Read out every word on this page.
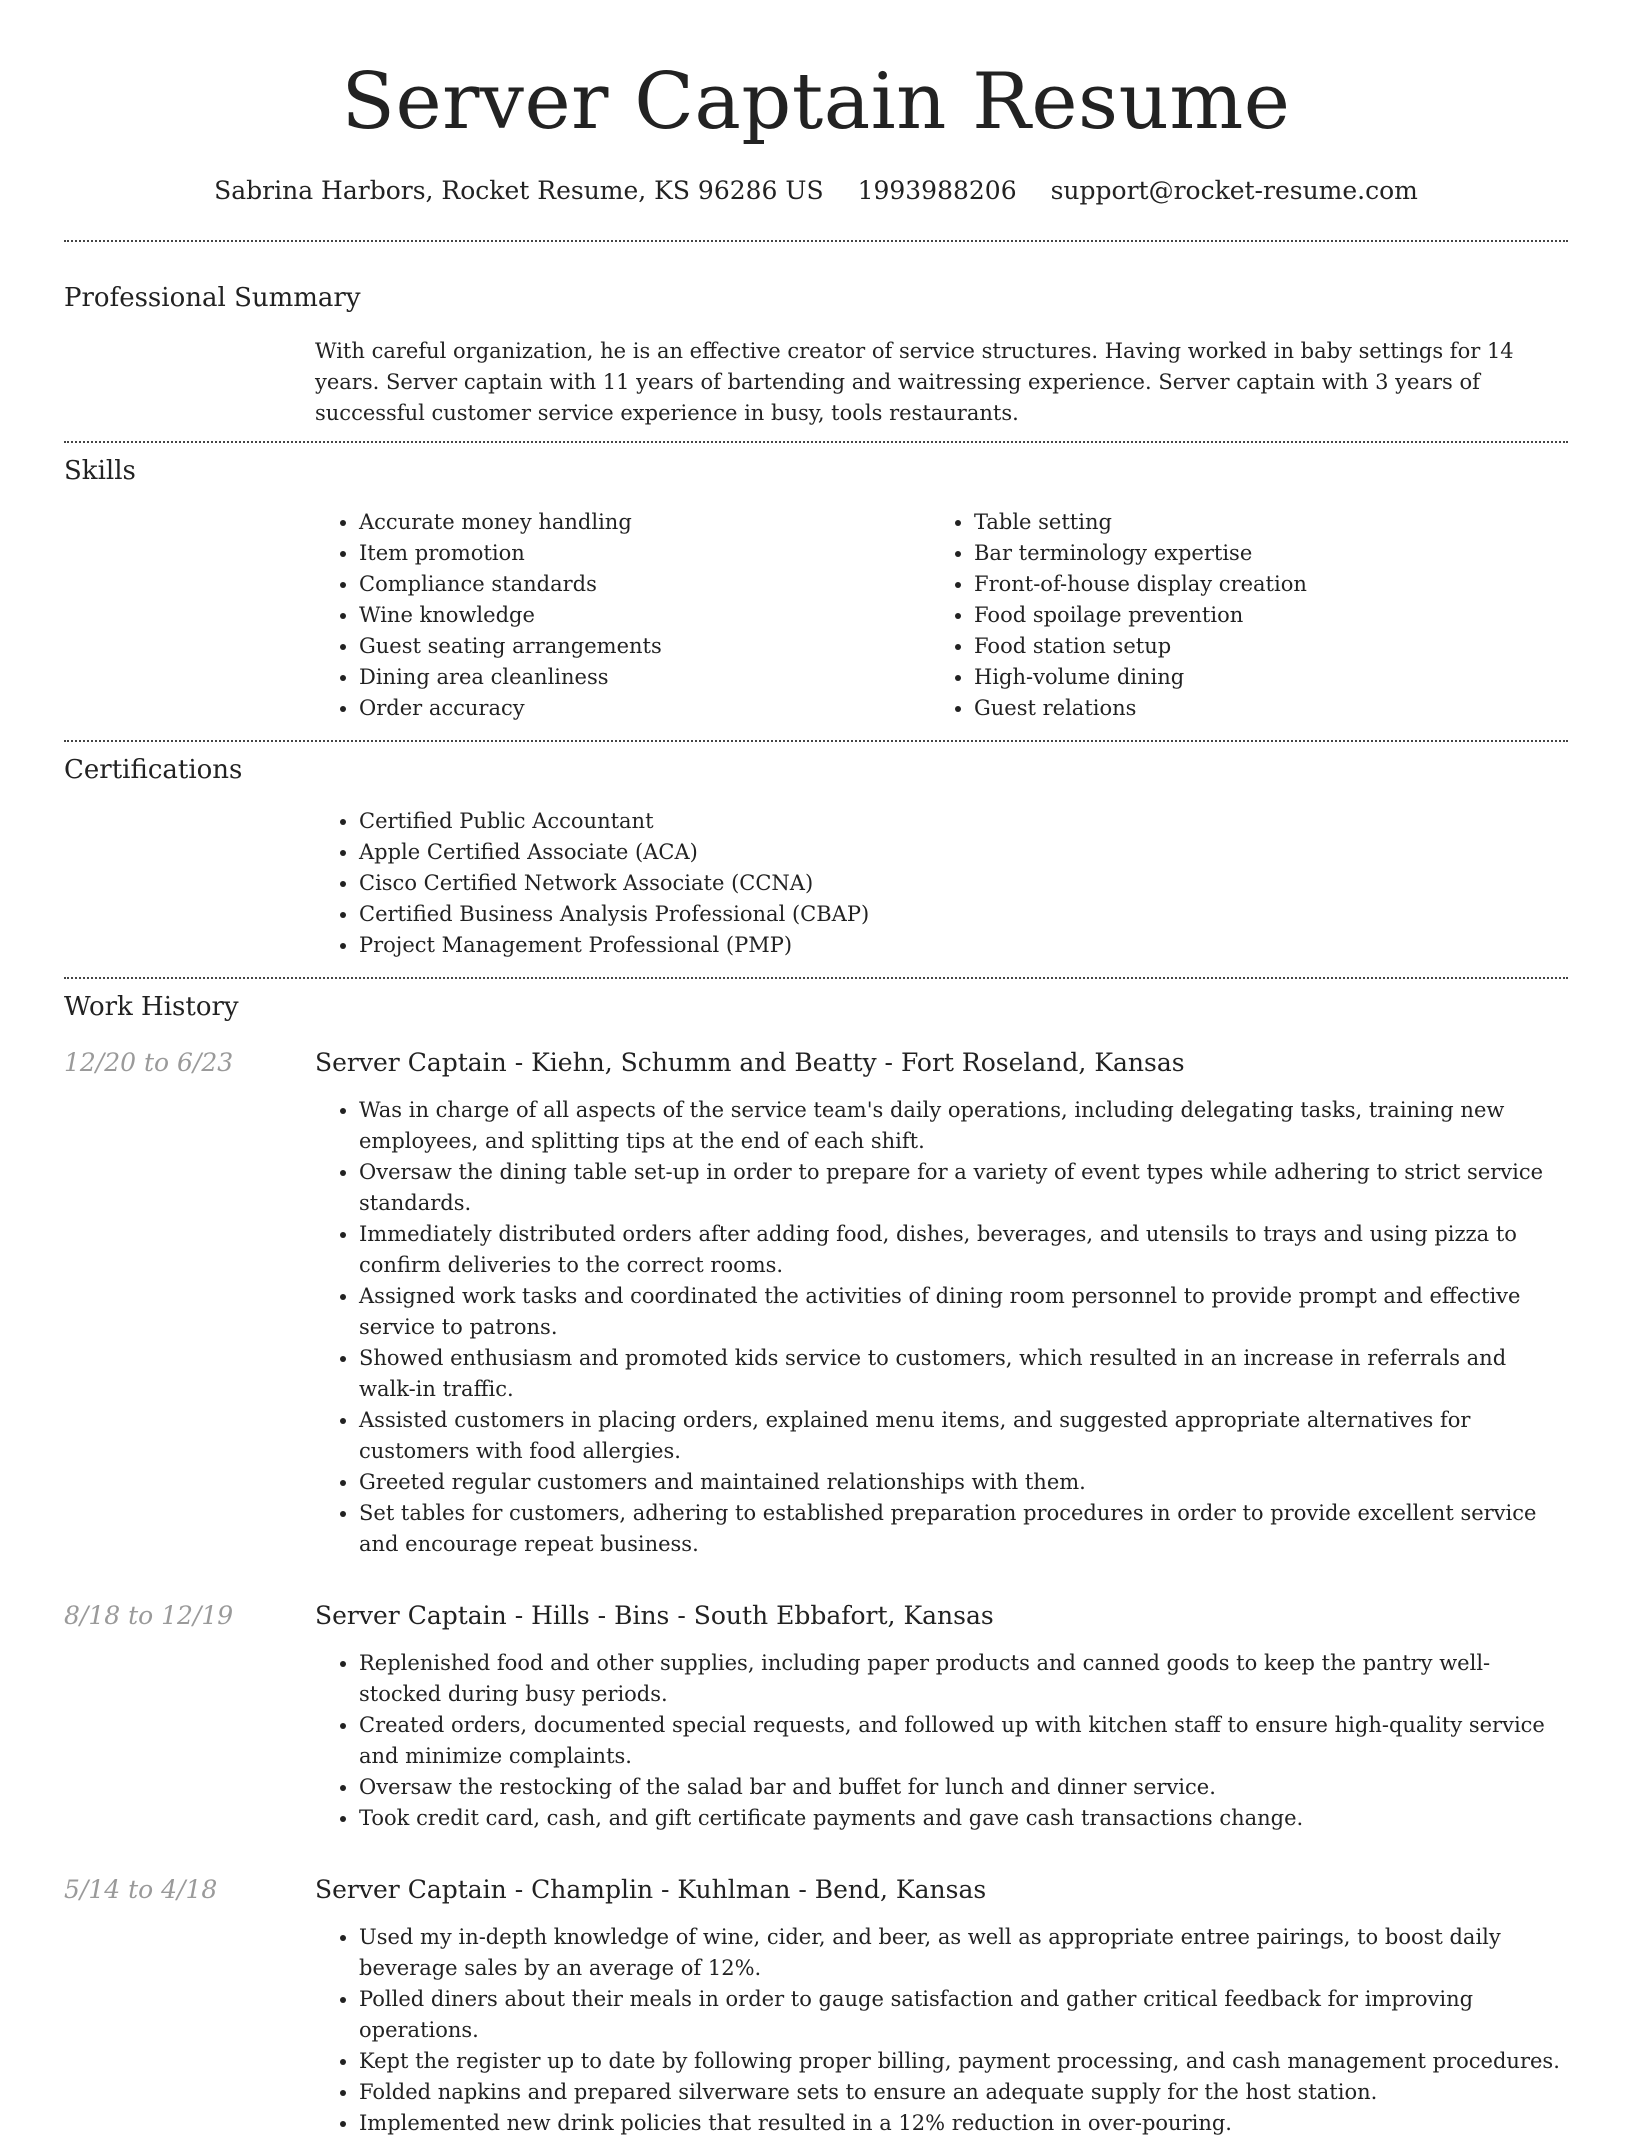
Server Captain Resume
Sabrina Harbors, Rocket Resume, KS 96286 US 1993988206 support@rocket-resume.com
Professional Summary
With careful organization, he is an effective creator of service structures. Having worked in baby settings for 14 years. Server captain with 11 years of bartending and waitressing experience. Server captain with 3 years of successful customer service experience in busy, tools restaurants.
Skills
• Accurate money handling
• Item promotion
• Compliance standards
• Wine knowledge
• Guest seating arrangements
• Dining area cleanliness
• Order accuracy
• Table setting
• Bar terminology expertise
• Front-of-house display creation
• Food spoilage prevention
• Food station setup
• High-volume dining
• Guest relations
Certifications
• Certified Public Accountant
• Apple Certified Associate (ACA)
• Cisco Certified Network Associate (CCNA)
• Certified Business Analysis Professional (CBAP)
• Project Management Professional (PMP)
Work History
12/20 to 6/23	Server Captain - Kiehn, Schumm and Beatty - Fort Roseland, Kansas
• Was in charge of all aspects of the service team's daily operations, including delegating tasks, training new employees, and splitting tips at the end of each shift.
• Oversaw the dining table set-up in order to prepare for a variety of event types while adhering to strict service standards.
• Immediately distributed orders after adding food, dishes, beverages, and utensils to trays and using pizza to confirm deliveries to the correct rooms.
• Assigned work tasks and coordinated the activities of dining room personnel to provide prompt and effective service to patrons.
• Showed enthusiasm and promoted kids service to customers, which resulted in an increase in referrals and walk-in traffic.
• Assisted customers in placing orders, explained menu items, and suggested appropriate alternatives for customers with food allergies.
• Greeted regular customers and maintained relationships with them.
• Set tables for customers, adhering to established preparation procedures in order to provide excellent service and encourage repeat business.
8/18 to 12/19	Server Captain - Hills - Bins - South Ebbafort, Kansas
• Replenished food and other supplies, including paper products and canned goods to keep the pantry well-stocked during busy periods.
• Created orders, documented special requests, and followed up with kitchen staff to ensure high-quality service and minimize complaints.
• Oversaw the restocking of the salad bar and buffet for lunch and dinner service.
• Took credit card, cash, and gift certificate payments and gave cash transactions change.
5/14 to 4/18	Server Captain - Champlin - Kuhlman - Bend, Kansas
• Used my in-depth knowledge of wine, cider, and beer, as well as appropriate entree pairings, to boost daily beverage sales by an average of 12%.
• Polled diners about their meals in order to gauge satisfaction and gather critical feedback for improving operations.
• Kept the register up to date by following proper billing, payment processing, and cash management procedures.
• Folded napkins and prepared silverware sets to ensure an adequate supply for the host station.
• Implemented new drink policies that resulted in a 12% reduction in over-pouring.
